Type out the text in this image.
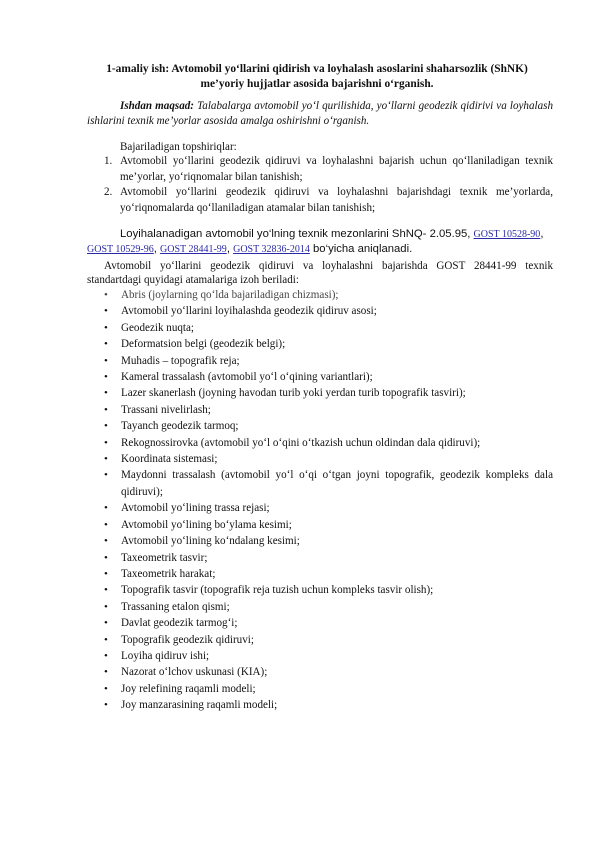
1-amaliy ish: Avtomobil yo‘llarini qidirish va loyhalash asoslarini shaharsozlik (ShNK)
me’yoriy hujjatlar asosida bajarishni o‘rganish.

Ishdan maqsad: Talabalarga avtomobil yo‘l qurilishida, yo‘llarni geodezik qidirivi va loyhalash ishlarini texnik me’yorlar asosida amalga oshirishni o‘rganish.

Bajariladigan topshiriqlar:
1. Avtomobil yo‘llarini geodezik qidiruvi va loyhalashni bajarish uchun qo‘llaniladigan texnik me’yorlar, yo‘riqnomalar bilan tanishish;
2. Avtomobil yo‘llarini geodezik qidiruvi va loyhalashni bajarishdagi texnik me’yorlarda, yo‘riqnomalarda qo‘llaniladigan atamalar bilan tanishish;

Loyihalanadigan avtomobil yo‘lning texnik mezonlarini ShNQ- 2.05.95, GOST 10528-90, GOST 10529-96, GOST 28441-99, GOST 32836-2014 bo‘yicha aniqlanadi.

Avtomobil yo‘llarini geodezik qidiruvi va loyhalashni bajarishda GOST 28441-99 texnik standartdagi quyidagi atamalariga izoh beriladi:

• Abris (joylarning qo‘lda bajariladigan chizmasi);
• Avtomobil yo‘llarini loyihalashda geodezik qidiruv asosi;
• Geodezik nuqta;
• Deformatsion belgi (geodezik belgi);
• Muhadis – topografik reja;
• Kameral trassalash (avtomobil yo‘l o‘qining variantlari);
• Lazer skanerlash (joyning havodan turib yoki yerdan turib topografik tasviri);
• Trassani nivelirlash;
• Tayanch geodezik tarmoq;
• Rekognossirovka (avtomobil yo‘l o‘qini o‘tkazish uchun oldindan dala qidiruvi);
• Koordinata sistemasi;
• Maydonni trassalash (avtomobil yo‘l o‘qi o‘tgan joyni topografik, geodezik kompleks dala qidiruvi);
• Avtomobil yo‘lining trassa rejasi;
• Avtomobil yo‘lining bo‘ylama kesimi;
• Avtomobil yo‘lining ko‘ndalang kesimi;
• Taxeometrik tasvir;
• Taxeometrik harakat;
• Topografik tasvir (topografik reja tuzish uchun kompleks tasvir olish);
• Trassaning etalon qismi;
• Davlat geodezik tarmog‘i;
• Topografik geodezik qidiruvi;
• Loyiha qidiruv ishi;
• Nazorat o‘lchov uskunasi (KIA);
• Joy relefining raqamli modeli;
• Joy manzarasining raqamli modeli;
